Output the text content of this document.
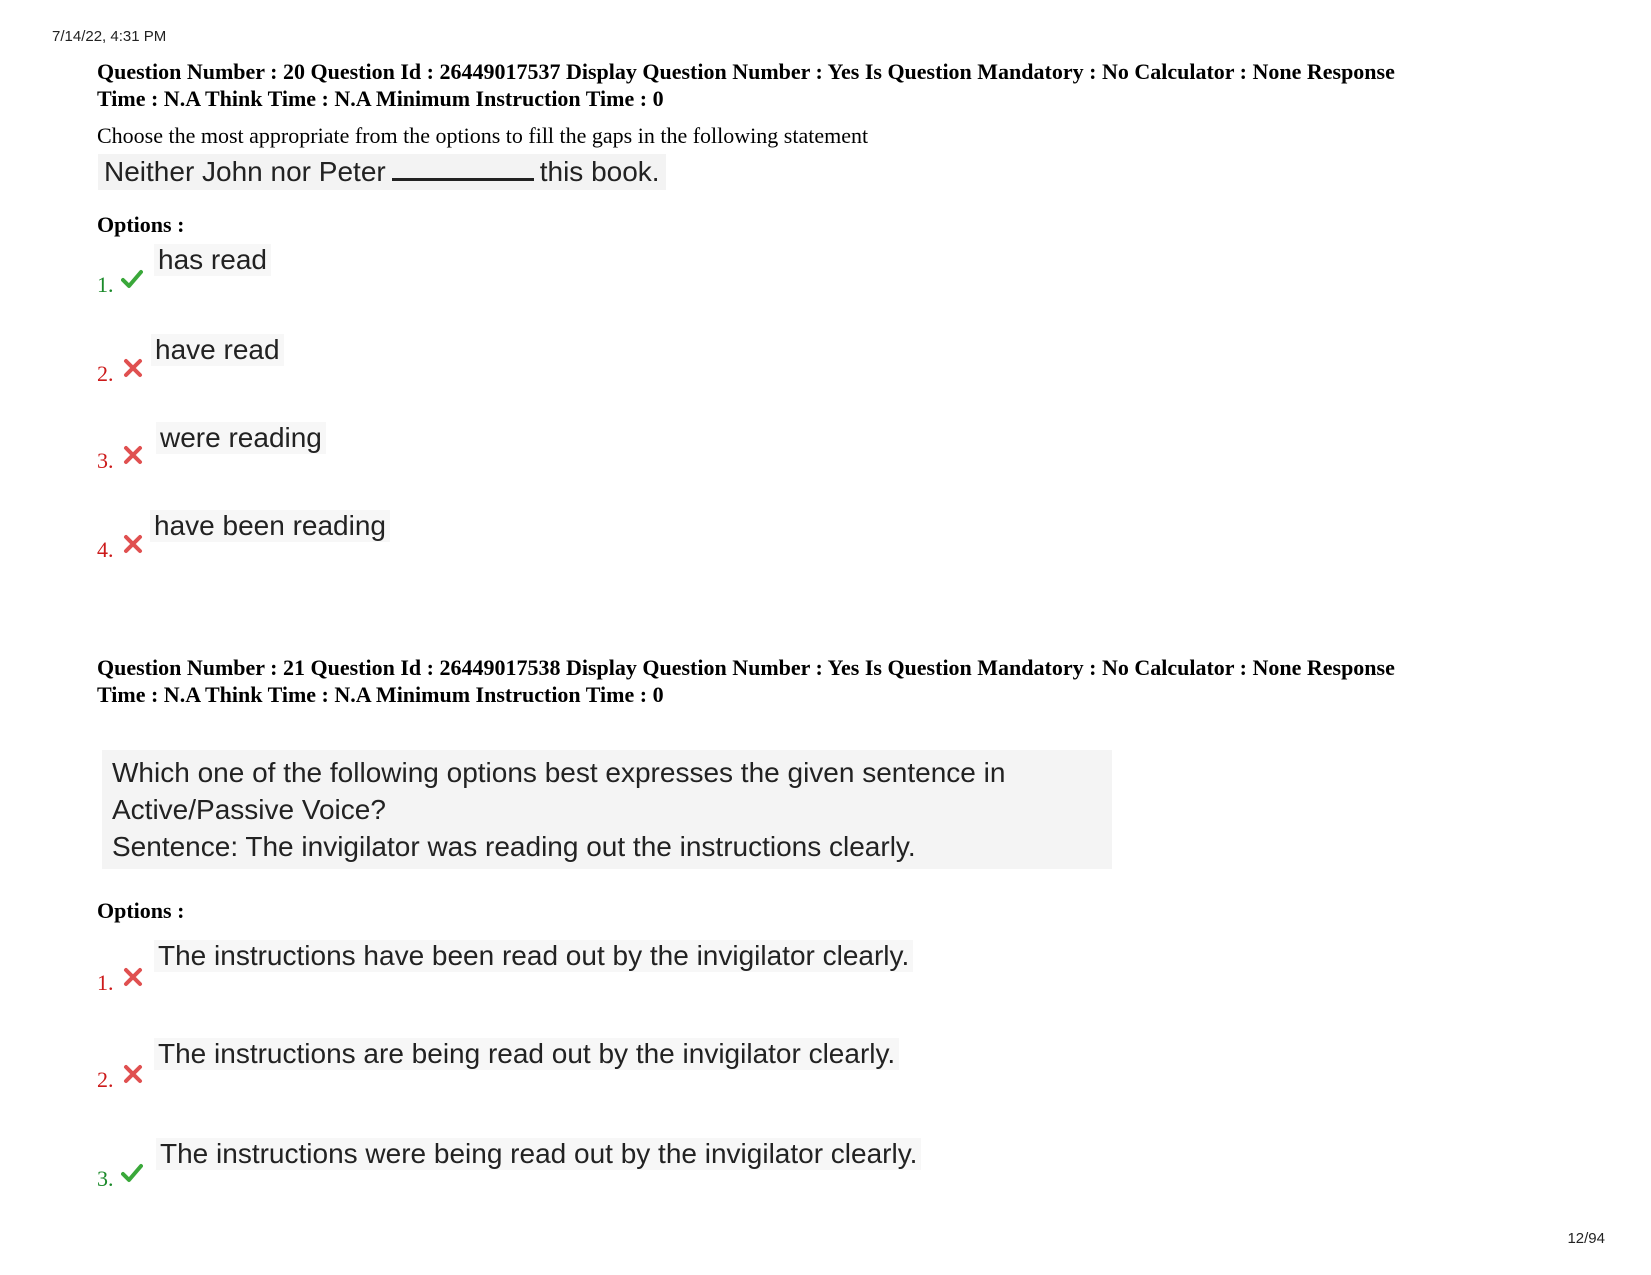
7/14/22, 4:31 PM
Question Number : 20 Question Id : 26449017537 Display Question Number : Yes Is Question Mandatory : No Calculator : None Response
Time : N.A Think Time : N.A Minimum Instruction Time : 0
Choose the most appropriate from the options to fill the gaps in the following statement
Neither John nor Peter	this book.
Options :
1.
has read
2.
have read
3.
were reading
4.
have been reading
Question Number : 21 Question Id : 26449017538 Display Question Number : Yes Is Question Mandatory : No Calculator : None Response
Time : N.A Think Time : N.A Minimum Instruction Time : 0
Which one of the following options best expresses the given sentence in
Active/Passive Voice?
Sentence: The invigilator was reading out the instructions clearly.
Options :
1.
The instructions have been read out by the invigilator clearly.
2.
The instructions are being read out by the invigilator clearly.
3.
The instructions were being read out by the invigilator clearly.
12/94
